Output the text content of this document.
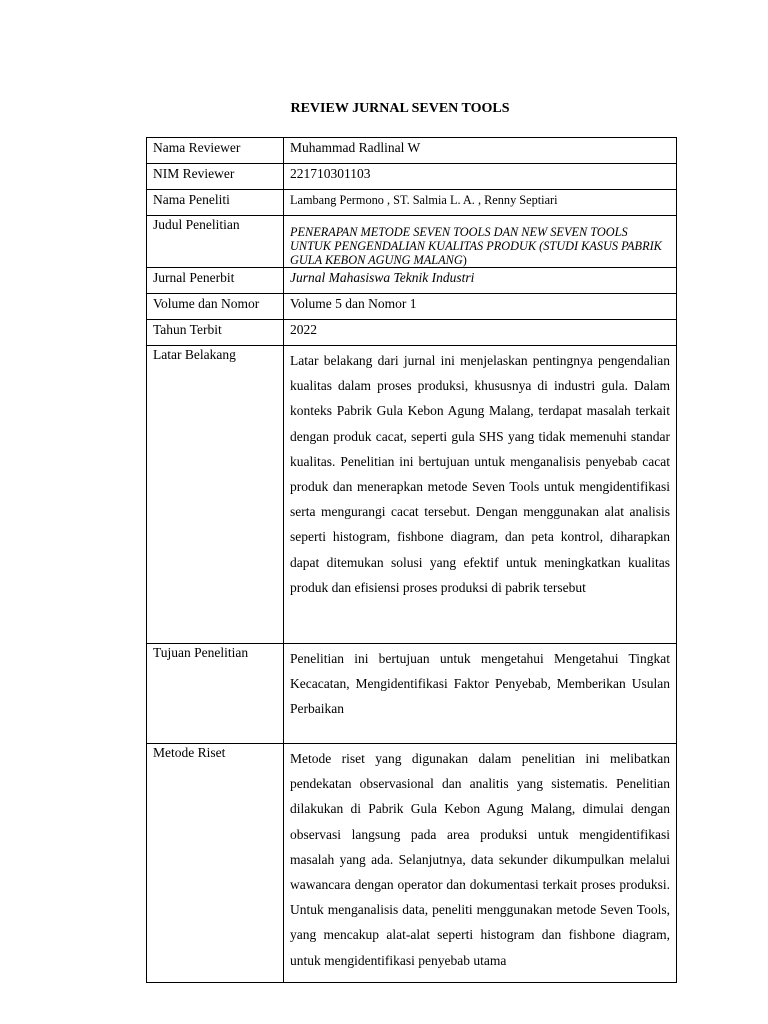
REVIEW JURNAL SEVEN TOOLS
Nama Reviewer	Muhammad Radlinal W
NIM Reviewer	221710301103
Nama Peneliti	Lambang Permono , ST. Salmia L. A. , Renny Septiari
Judul Penelitian	PENERAPAN METODE SEVEN TOOLS DAN NEW SEVEN TOOLS UNTUK PENGENDALIAN KUALITAS PRODUK (STUDI KASUS PABRIK GULA KEBON AGUNG MALANG)
Jurnal Penerbit	Jurnal Mahasiswa Teknik Industri
Volume dan Nomor	Volume 5 dan Nomor 1
Tahun Terbit	2022
Latar Belakang	Latar belakang dari jurnal ini menjelaskan pentingnya pengendalian kualitas dalam proses produksi, khususnya di industri gula. Dalam konteks Pabrik Gula Kebon Agung Malang, terdapat masalah terkait dengan produk cacat, seperti gula SHS yang tidak memenuhi standar kualitas. Penelitian ini bertujuan untuk menganalisis penyebab cacat produk dan menerapkan metode Seven Tools untuk mengidentifikasi serta mengurangi cacat tersebut. Dengan menggunakan alat analisis seperti histogram, fishbone diagram, dan peta kontrol, diharapkan dapat ditemukan solusi yang efektif untuk meningkatkan kualitas produk dan efisiensi proses produksi di pabrik tersebut
Tujuan Penelitian	Penelitian ini bertujuan untuk mengetahui Mengetahui Tingkat Kecacatan, Mengidentifikasi Faktor Penyebab, Memberikan Usulan Perbaikan
Metode Riset	Metode riset yang digunakan dalam penelitian ini melibatkan pendekatan observasional dan analitis yang sistematis. Penelitian dilakukan di Pabrik Gula Kebon Agung Malang, dimulai dengan observasi langsung pada area produksi untuk mengidentifikasi masalah yang ada. Selanjutnya, data sekunder dikumpulkan melalui wawancara dengan operator dan dokumentasi terkait proses produksi. Untuk menganalisis data, peneliti menggunakan metode Seven Tools, yang mencakup alat-alat seperti histogram dan fishbone diagram, untuk mengidentifikasi penyebab utama
